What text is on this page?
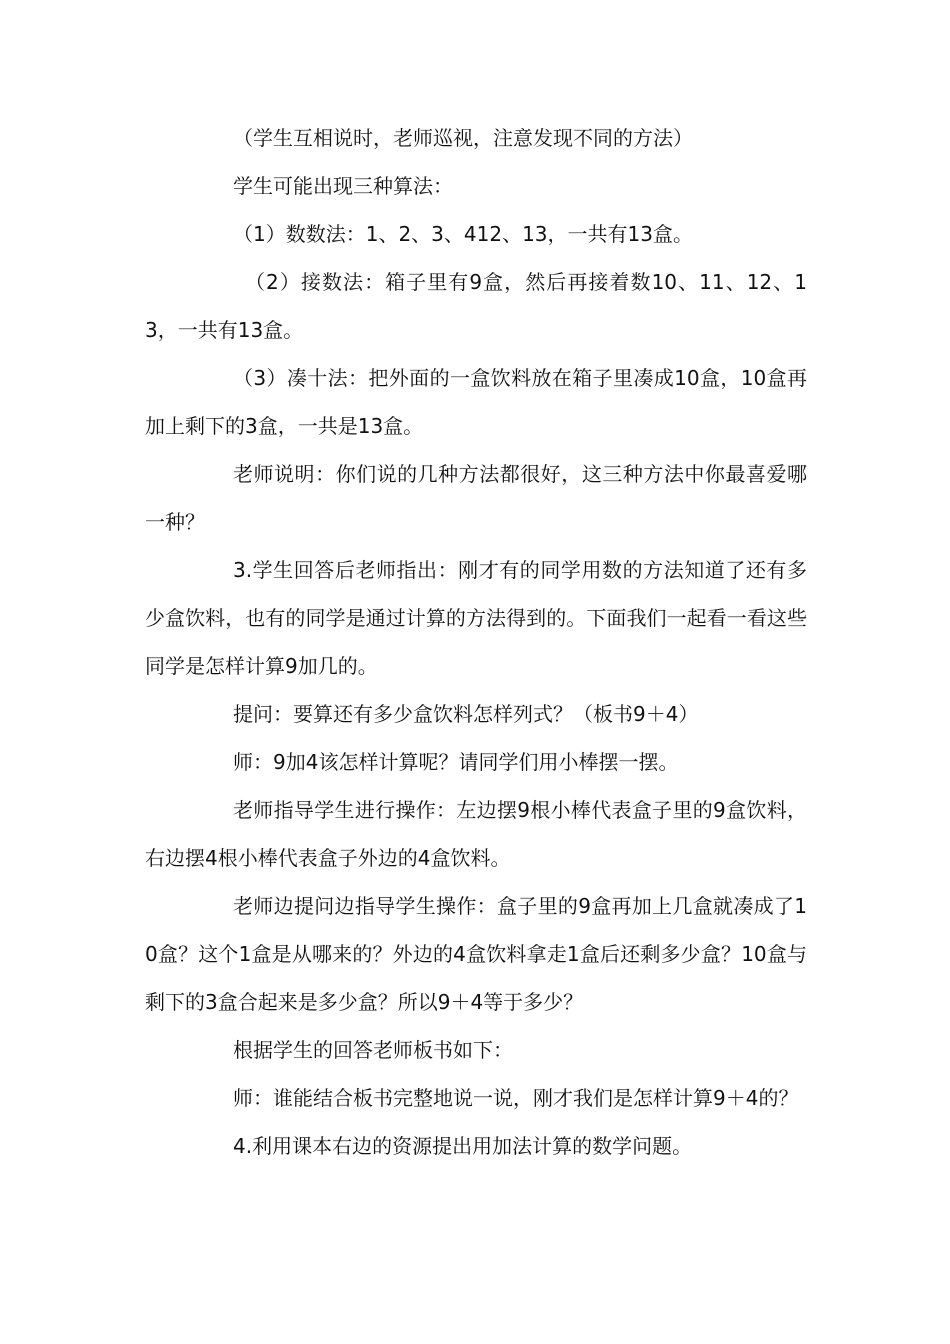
（学生互相说时，老师巡视，注意发现不同的方法）

学生可能出现三种算法：

（1）数数法：1、2、3、412、13，一共有13盒。

（2）接数法：箱子里有9盒，然后再接着数10、11、12、13，一共有13盒。

（3）凑十法：把外面的一盒饮料放在箱子里凑成10盒，10盒再加上剩下的3盒，一共是13盒。

老师说明：你们说的几种方法都很好，这三种方法中你最喜爱哪一种？

3.学生回答后老师指出：刚才有的同学用数的方法知道了还有多少盒饮料，也有的同学是通过计算的方法得到的。下面我们一起看一看这些同学是怎样计算9加几的。

提问：要算还有多少盒饮料怎样列式？（板书9＋4）

师：9加4该怎样计算呢？请同学们用小棒摆一摆。

老师指导学生进行操作：左边摆9根小棒代表盒子里的9盒饮料，右边摆4根小棒代表盒子外边的4盒饮料。

老师边提问边指导学生操作：盒子里的9盒再加上几盒就凑成了10盒？这个1盒是从哪来的？外边的4盒饮料拿走1盒后还剩多少盒？10盒与剩下的3盒合起来是多少盒？所以9＋4等于多少？

根据学生的回答老师板书如下：

师：谁能结合板书完整地说一说，刚才我们是怎样计算9＋4的？

4.利用课本右边的资源提出用加法计算的数学问题。
